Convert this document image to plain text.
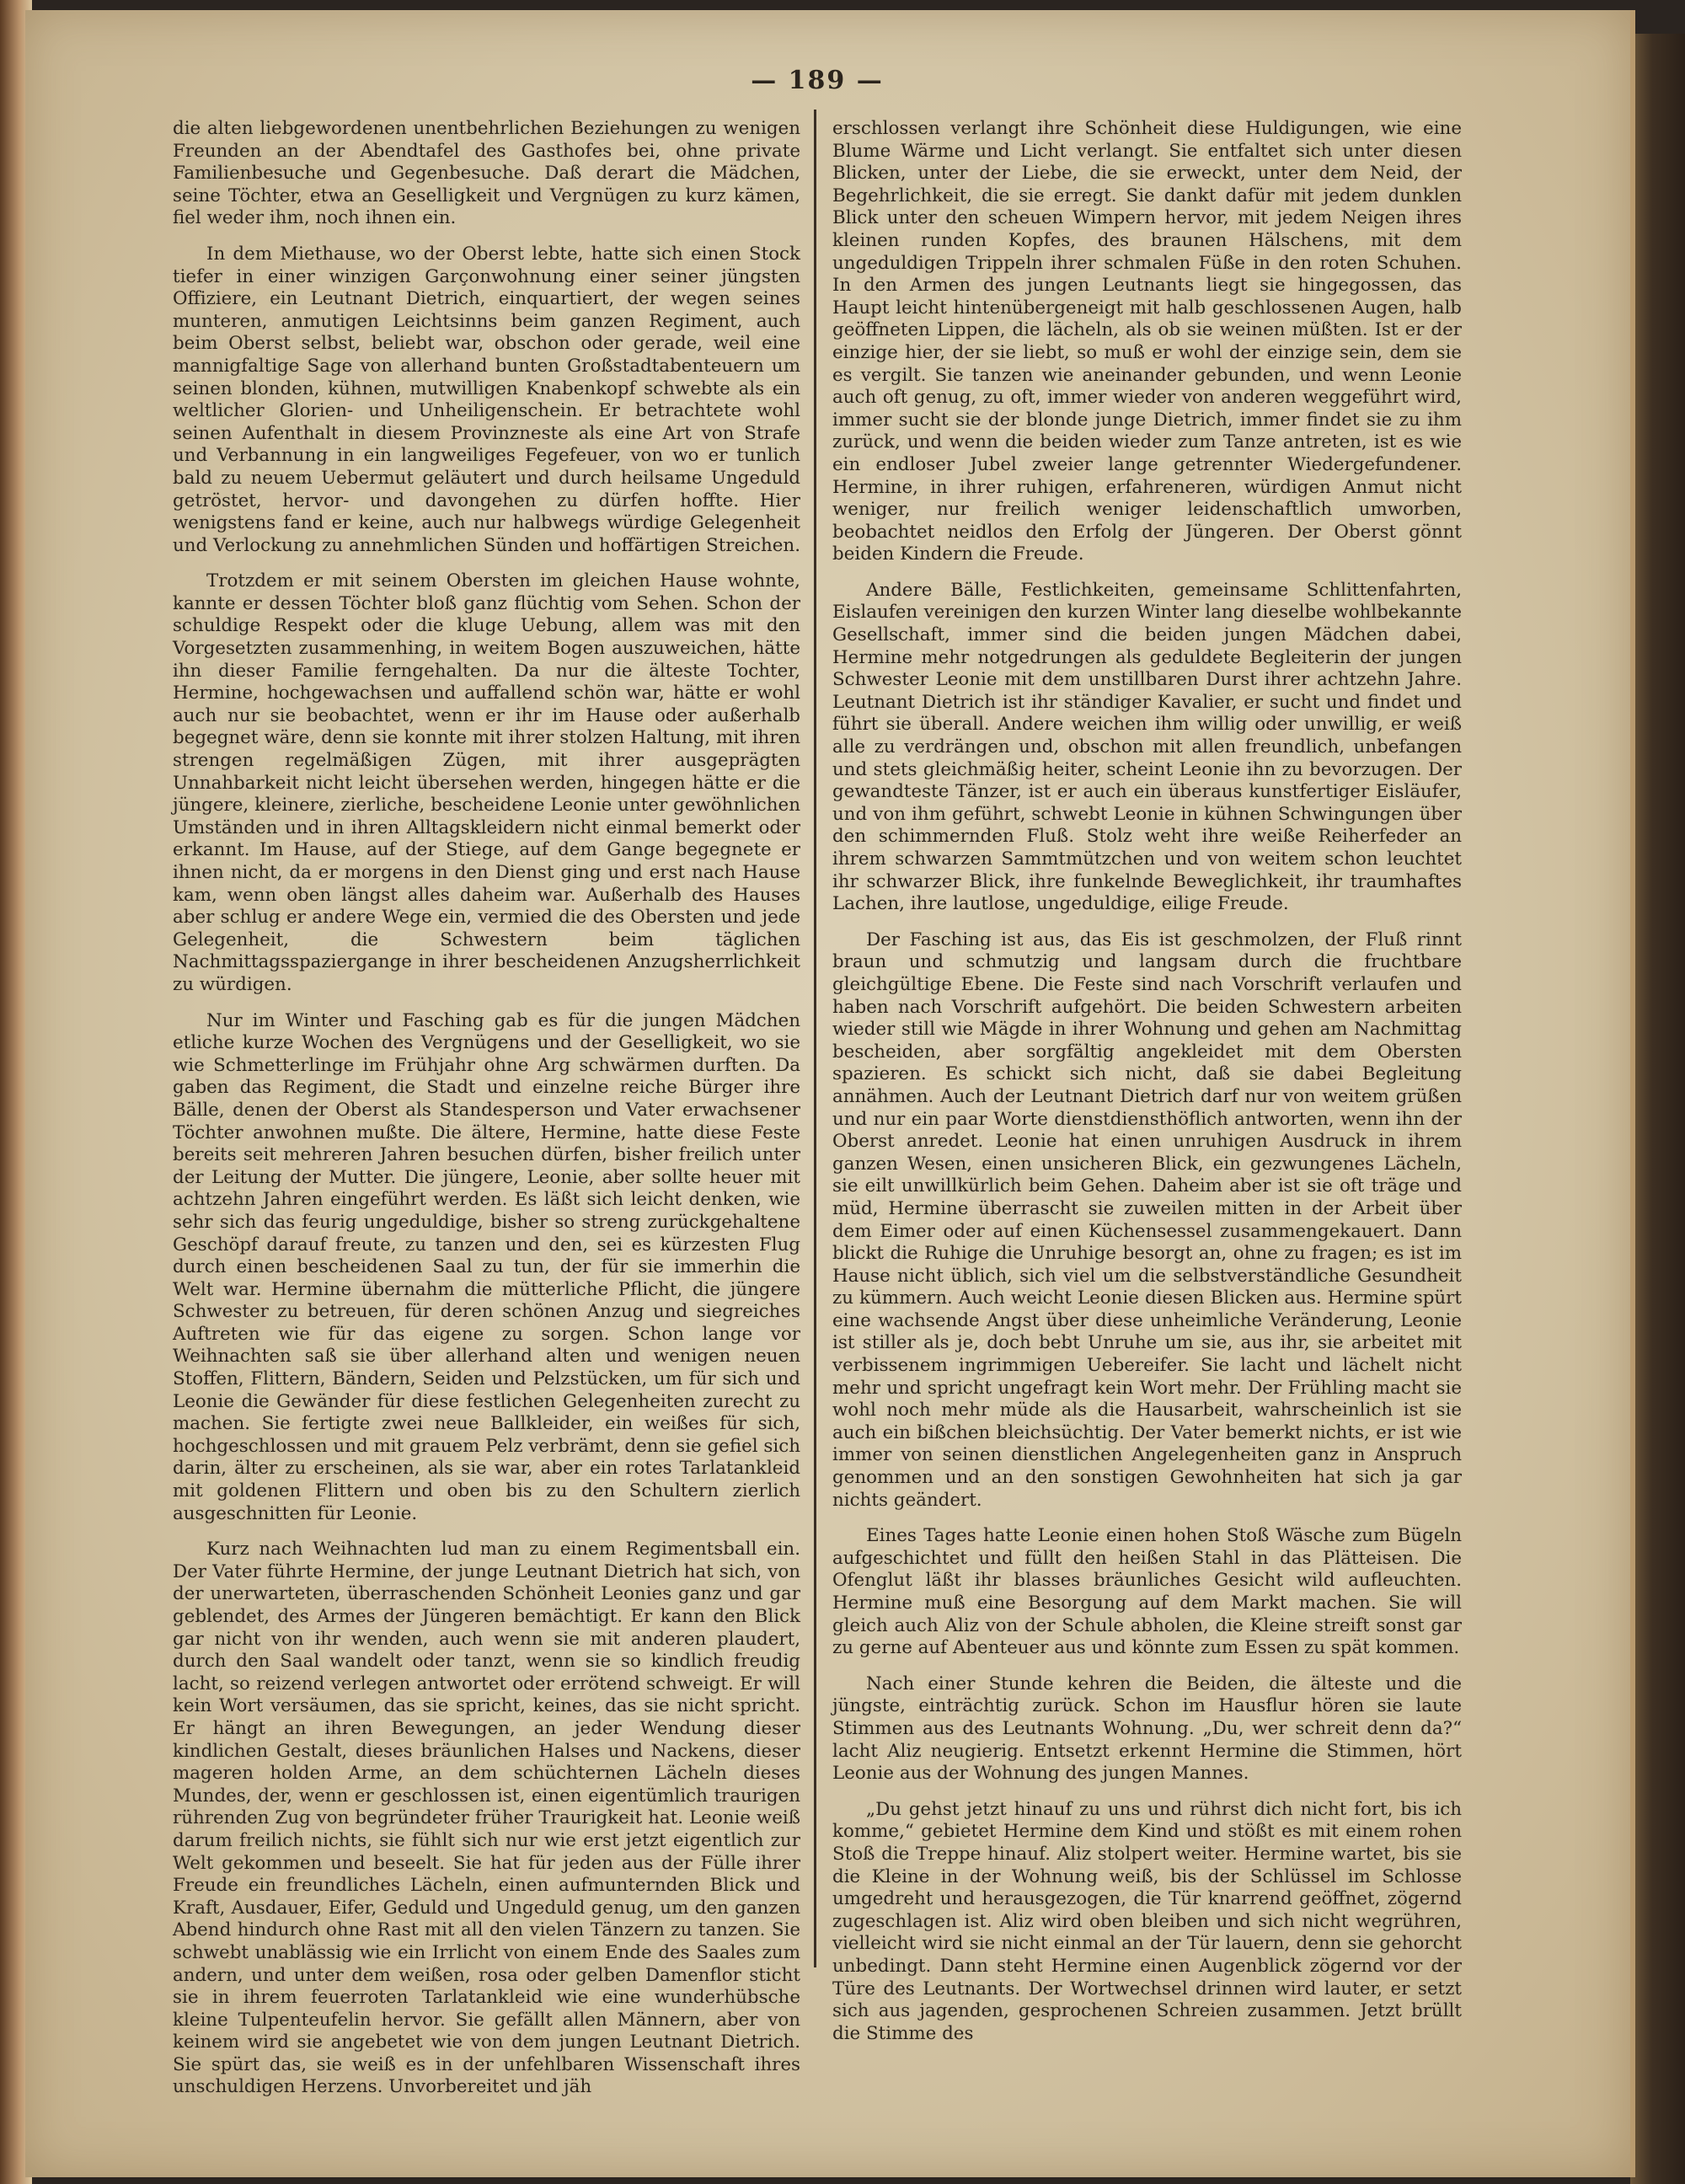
— 189 —

die alten liebgewordenen unentbehrlichen Beziehungen zu wenigen Freunden an der Abendtafel des Gasthofes bei, ohne private Familienbesuche und Gegenbesuche. Daß derart die Mädchen, seine Töchter, etwa an Geselligkeit und Vergnügen zu kurz kämen, fiel weder ihm, noch ihnen ein.

In dem Miethause, wo der Oberst lebte, hatte sich einen Stock tiefer in einer winzigen Garçonwohnung einer seiner jüngsten Offiziere, ein Leutnant Dietrich, einquartiert, der wegen seines munteren, anmutigen Leichtsinns beim ganzen Regiment, auch beim Oberst selbst, beliebt war, obschon oder gerade, weil eine mannigfaltige Sage von allerhand bunten Großstadtabenteuern um seinen blonden, kühnen, mutwilligen Knabenkopf schwebte als ein weltlicher Glorien- und Unheiligenschein. Er betrachtete wohl seinen Aufenthalt in diesem Provinzneste als eine Art von Strafe und Verbannung in ein langweiliges Fegefeuer, von wo er tunlich bald zu neuem Uebermut geläutert und durch heilsame Ungeduld getröstet, hervor- und davongehen zu dürfen hoffte. Hier wenigstens fand er keine, auch nur halbwegs würdige Gelegenheit und Verlockung zu annehmlichen Sünden und hoffärtigen Streichen.

Trotzdem er mit seinem Obersten im gleichen Hause wohnte, kannte er dessen Töchter bloß ganz flüchtig vom Sehen. Schon der schuldige Respekt oder die kluge Uebung, allem was mit den Vorgesetzten zusammenhing, in weitem Bogen auszuweichen, hätte ihn dieser Familie ferngehalten. Da nur die älteste Tochter, Hermine, hochgewachsen und auffallend schön war, hätte er wohl auch nur sie beobachtet, wenn er ihr im Hause oder außerhalb begegnet wäre, denn sie konnte mit ihrer stolzen Haltung, mit ihren strengen regelmäßigen Zügen, mit ihrer ausgeprägten Unnahbarkeit nicht leicht übersehen werden, hingegen hätte er die jüngere, kleinere, zierliche, bescheidene Leonie unter gewöhnlichen Umständen und in ihren Alltagskleidern nicht einmal bemerkt oder erkannt. Im Hause, auf der Stiege, auf dem Gange begegnete er ihnen nicht, da er morgens in den Dienst ging und erst nach Hause kam, wenn oben längst alles daheim war. Außerhalb des Hauses aber schlug er andere Wege ein, vermied die des Obersten und jede Gelegenheit, die Schwestern beim täglichen Nachmittagsspaziergange in ihrer bescheidenen Anzugsherrlichkeit zu würdigen.

Nur im Winter und Fasching gab es für die jungen Mädchen etliche kurze Wochen des Vergnügens und der Geselligkeit, wo sie wie Schmetterlinge im Frühjahr ohne Arg schwärmen durften. Da gaben das Regiment, die Stadt und einzelne reiche Bürger ihre Bälle, denen der Oberst als Standesperson und Vater erwachsener Töchter anwohnen mußte. Die ältere, Hermine, hatte diese Feste bereits seit mehreren Jahren besuchen dürfen, bisher freilich unter der Leitung der Mutter. Die jüngere, Leonie, aber sollte heuer mit achtzehn Jahren eingeführt werden. Es läßt sich leicht denken, wie sehr sich das feurig ungeduldige, bisher so streng zurückgehaltene Geschöpf darauf freute, zu tanzen und den, sei es kürzesten Flug durch einen bescheidenen Saal zu tun, der für sie immerhin die Welt war. Hermine übernahm die mütterliche Pflicht, die jüngere Schwester zu betreuen, für deren schönen Anzug und siegreiches Auftreten wie für das eigene zu sorgen. Schon lange vor Weihnachten saß sie über allerhand alten und wenigen neuen Stoffen, Flittern, Bändern, Seiden und Pelzstücken, um für sich und Leonie die Gewänder für diese festlichen Gelegenheiten zurecht zu machen. Sie fertigte zwei neue Ballkleider, ein weißes für sich, hochgeschlossen und mit grauem Pelz verbrämt, denn sie gefiel sich darin, älter zu erscheinen, als sie war, aber ein rotes Tarlatankleid mit goldenen Flittern und oben bis zu den Schultern zierlich ausgeschnitten für Leonie.

Kurz nach Weihnachten lud man zu einem Regimentsball ein. Der Vater führte Hermine, der junge Leutnant Dietrich hat sich, von der unerwarteten, überraschenden Schönheit Leonies ganz und gar geblendet, des Armes der Jüngeren bemächtigt. Er kann den Blick gar nicht von ihr wenden, auch wenn sie mit anderen plaudert, durch den Saal wandelt oder tanzt, wenn sie so kindlich freudig lacht, so reizend verlegen antwortet oder errötend schweigt. Er will kein Wort versäumen, das sie spricht, keines, das sie nicht spricht. Er hängt an ihren Bewegungen, an jeder Wendung dieser kindlichen Gestalt, dieses bräunlichen Halses und Nackens, dieser mageren holden Arme, an dem schüchternen Lächeln dieses Mundes, der, wenn er geschlossen ist, einen eigentümlich traurigen rührenden Zug von begründeter früher Traurigkeit hat. Leonie weiß darum freilich nichts, sie fühlt sich nur wie erst jetzt eigentlich zur Welt gekommen und beseelt. Sie hat für jeden aus der Fülle ihrer Freude ein freundliches Lächeln, einen aufmunternden Blick und Kraft, Ausdauer, Eifer, Geduld und Ungeduld genug, um den ganzen Abend hindurch ohne Rast mit all den vielen Tänzern zu tanzen. Sie schwebt unablässig wie ein Irrlicht von einem Ende des Saales zum andern, und unter dem weißen, rosa oder gelben Damenflor sticht sie in ihrem feuerroten Tarlatankleid wie eine wunderhübsche kleine Tulpenteufelin hervor. Sie gefällt allen Männern, aber von keinem wird sie angebetet wie von dem jungen Leutnant Dietrich. Sie spürt das, sie weiß es in der unfehlbaren Wissenschaft ihres unschuldigen Herzens. Unvorbereitet und jäh

erschlossen verlangt ihre Schönheit diese Huldigungen, wie eine Blume Wärme und Licht verlangt. Sie entfaltet sich unter diesen Blicken, unter der Liebe, die sie erweckt, unter dem Neid, der Begehrlichkeit, die sie erregt. Sie dankt dafür mit jedem dunklen Blick unter den scheuen Wimpern hervor, mit jedem Neigen ihres kleinen runden Kopfes, des braunen Hälschens, mit dem ungeduldigen Trippeln ihrer schmalen Füße in den roten Schuhen. In den Armen des jungen Leutnants liegt sie hingegossen, das Haupt leicht hintenübergeneigt mit halb geschlossenen Augen, halb geöffneten Lippen, die lächeln, als ob sie weinen müßten. Ist er der einzige hier, der sie liebt, so muß er wohl der einzige sein, dem sie es vergilt. Sie tanzen wie aneinander gebunden, und wenn Leonie auch oft genug, zu oft, immer wieder von anderen weggeführt wird, immer sucht sie der blonde junge Dietrich, immer findet sie zu ihm zurück, und wenn die beiden wieder zum Tanze antreten, ist es wie ein endloser Jubel zweier lange getrennter Wiedergefundener. Hermine, in ihrer ruhigen, erfahreneren, würdigen Anmut nicht weniger, nur freilich weniger leidenschaftlich umworben, beobachtet neidlos den Erfolg der Jüngeren. Der Oberst gönnt beiden Kindern die Freude.

Andere Bälle, Festlichkeiten, gemeinsame Schlittenfahrten, Eislaufen vereinigen den kurzen Winter lang dieselbe wohlbekannte Gesellschaft, immer sind die beiden jungen Mädchen dabei, Hermine mehr notgedrungen als geduldete Begleiterin der jungen Schwester Leonie mit dem unstillbaren Durst ihrer achtzehn Jahre. Leutnant Dietrich ist ihr ständiger Kavalier, er sucht und findet und führt sie überall. Andere weichen ihm willig oder unwillig, er weiß alle zu verdrängen und, obschon mit allen freundlich, unbefangen und stets gleichmäßig heiter, scheint Leonie ihn zu bevorzugen. Der gewandteste Tänzer, ist er auch ein überaus kunstfertiger Eisläufer, und von ihm geführt, schwebt Leonie in kühnen Schwingungen über den schimmernden Fluß. Stolz weht ihre weiße Reiherfeder an ihrem schwarzen Sammtmützchen und von weitem schon leuchtet ihr schwarzer Blick, ihre funkelnde Beweglichkeit, ihr traumhaftes Lachen, ihre lautlose, ungeduldige, eilige Freude.

Der Fasching ist aus, das Eis ist geschmolzen, der Fluß rinnt braun und schmutzig und langsam durch die fruchtbare gleichgültige Ebene. Die Feste sind nach Vorschrift verlaufen und haben nach Vorschrift aufgehört. Die beiden Schwestern arbeiten wieder still wie Mägde in ihrer Wohnung und gehen am Nachmittag bescheiden, aber sorgfältig angekleidet mit dem Obersten spazieren. Es schickt sich nicht, daß sie dabei Begleitung annähmen. Auch der Leutnant Dietrich darf nur von weitem grüßen und nur ein paar Worte dienstdiensthöflich antworten, wenn ihn der Oberst anredet. Leonie hat einen unruhigen Ausdruck in ihrem ganzen Wesen, einen unsicheren Blick, ein gezwungenes Lächeln, sie eilt unwillkürlich beim Gehen. Daheim aber ist sie oft träge und müd, Hermine überrascht sie zuweilen mitten in der Arbeit über dem Eimer oder auf einen Küchensessel zusammengekauert. Dann blickt die Ruhige die Unruhige besorgt an, ohne zu fragen; es ist im Hause nicht üblich, sich viel um die selbstverständliche Gesundheit zu kümmern. Auch weicht Leonie diesen Blicken aus. Hermine spürt eine wachsende Angst über diese unheimliche Veränderung, Leonie ist stiller als je, doch bebt Unruhe um sie, aus ihr, sie arbeitet mit verbissenem ingrimmigen Uebereifer. Sie lacht und lächelt nicht mehr und spricht ungefragt kein Wort mehr. Der Frühling macht sie wohl noch mehr müde als die Hausarbeit, wahrscheinlich ist sie auch ein bißchen bleichsüchtig. Der Vater bemerkt nichts, er ist wie immer von seinen dienstlichen Angelegenheiten ganz in Anspruch genommen und an den sonstigen Gewohnheiten hat sich ja gar nichts geändert.

Eines Tages hatte Leonie einen hohen Stoß Wäsche zum Bügeln aufgeschichtet und füllt den heißen Stahl in das Plätteisen. Die Ofenglut läßt ihr blasses bräunliches Gesicht wild aufleuchten. Hermine muß eine Besorgung auf dem Markt machen. Sie will gleich auch Aliz von der Schule abholen, die Kleine streift sonst gar zu gerne auf Abenteuer aus und könnte zum Essen zu spät kommen.

Nach einer Stunde kehren die Beiden, die älteste und die jüngste, einträchtig zurück. Schon im Hausflur hören sie laute Stimmen aus des Leutnants Wohnung. „Du, wer schreit denn da?“ lacht Aliz neugierig. Entsetzt erkennt Hermine die Stimmen, hört Leonie aus der Wohnung des jungen Mannes.

„Du gehst jetzt hinauf zu uns und rührst dich nicht fort, bis ich komme,“ gebietet Hermine dem Kind und stößt es mit einem rohen Stoß die Treppe hinauf. Aliz stolpert weiter. Hermine wartet, bis sie die Kleine in der Wohnung weiß, bis der Schlüssel im Schlosse umgedreht und herausgezogen, die Tür knarrend geöffnet, zögernd zugeschlagen ist. Aliz wird oben bleiben und sich nicht wegrühren, vielleicht wird sie nicht einmal an der Tür lauern, denn sie gehorcht unbedingt. Dann steht Hermine einen Augenblick zögernd vor der Türe des Leutnants. Der Wortwechsel drinnen wird lauter, er setzt sich aus jagenden, gesprochenen Schreien zusammen. Jetzt brüllt die Stimme des
